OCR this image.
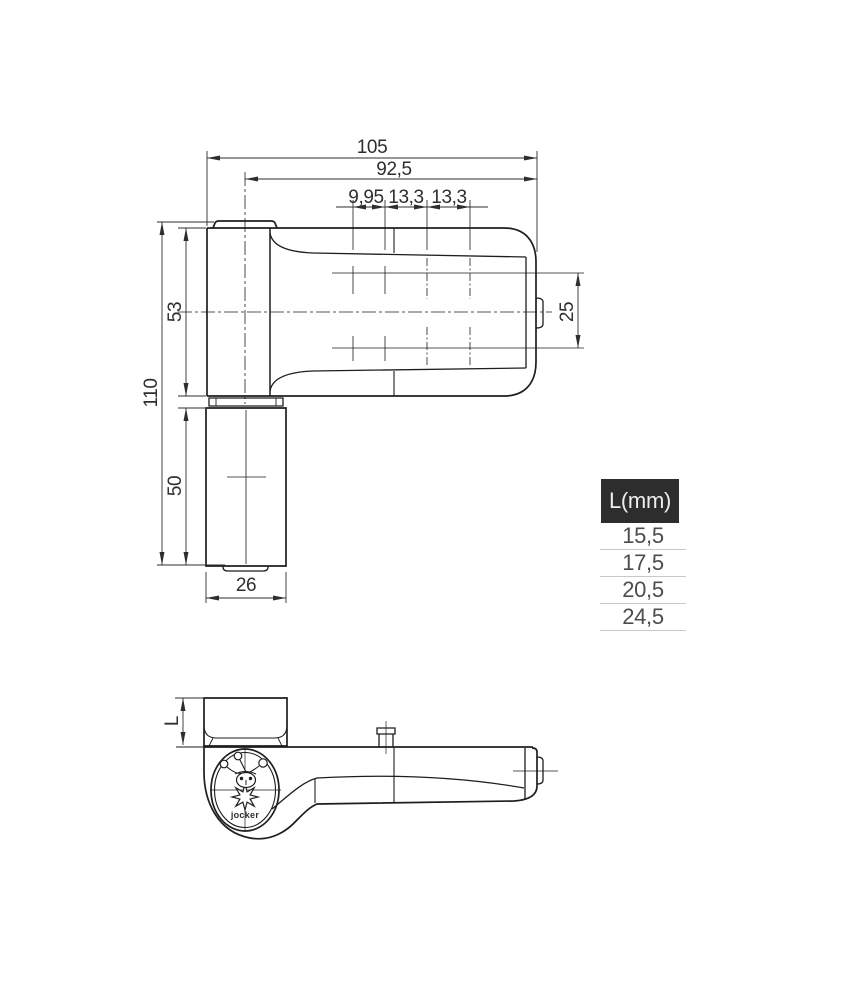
105
92,5
9,95 13,3 13,3
53
110
50
25
26
jocker
L
L(mm)
15,5
17,5
20,5
24,5
